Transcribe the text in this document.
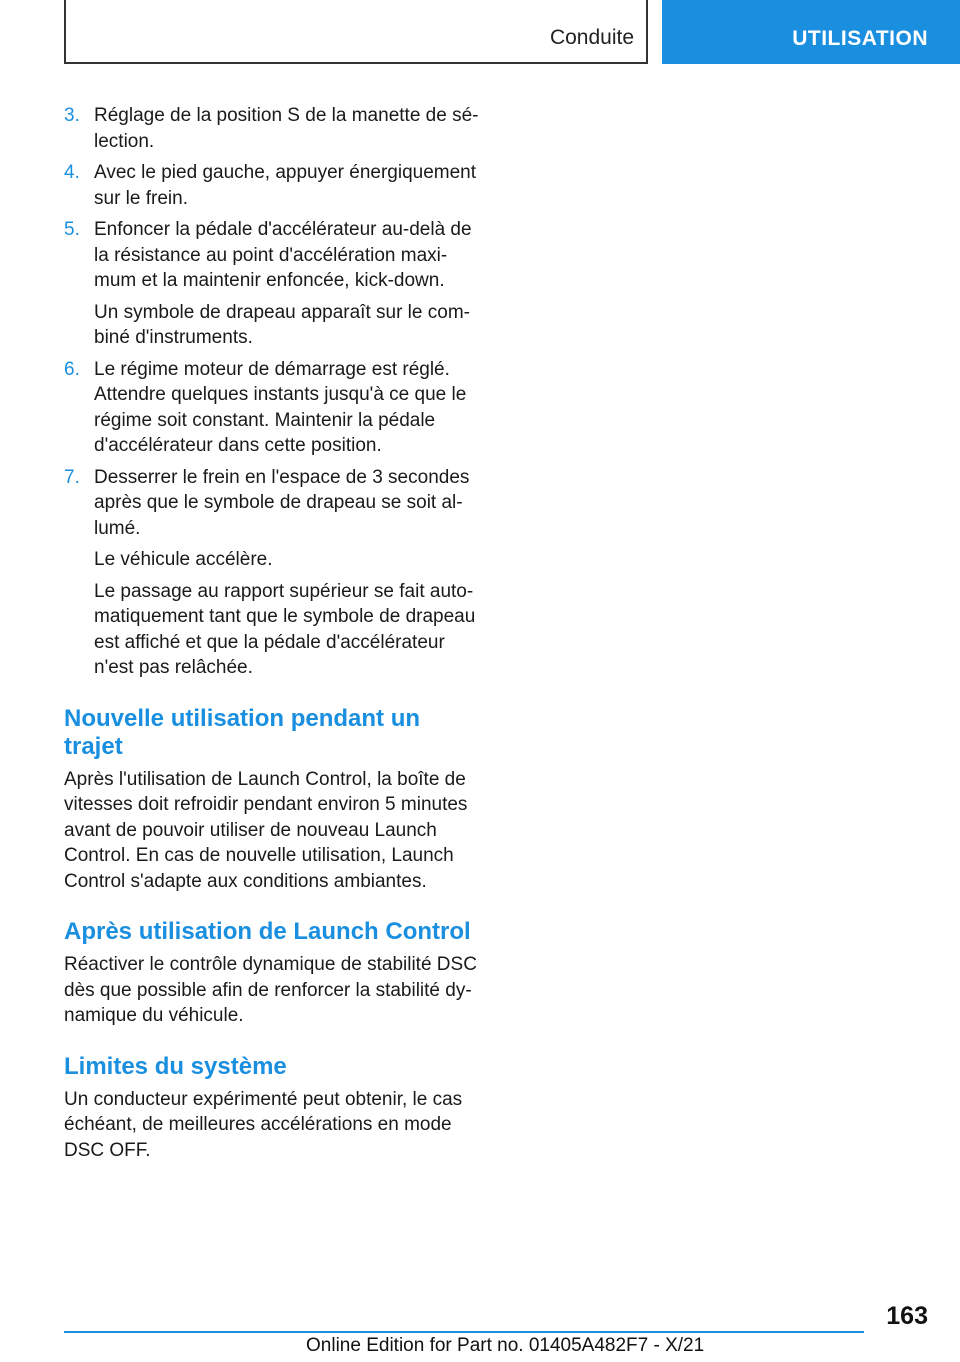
Conduite	UTILISATION
3. Réglage de la position S de la manette de sélection.
4. Avec le pied gauche, appuyer énergiquement sur le frein.
5. Enfoncer la pédale d'accélérateur au-delà de la résistance au point d'accélération maximum et la maintenir enfoncée, kick-down.
Un symbole de drapeau apparaît sur le combiné d'instruments.
6. Le régime moteur de démarrage est réglé. Attendre quelques instants jusqu'à ce que le régime soit constant. Maintenir la pédale d'accélérateur dans cette position.
7. Desserrer le frein en l'espace de 3 secondes après que le symbole de drapeau se soit allumé.
Le véhicule accélère.
Le passage au rapport supérieur se fait automatiquement tant que le symbole de drapeau est affiché et que la pédale d'accélérateur n'est pas relâchée.
Nouvelle utilisation pendant un trajet

Après l'utilisation de Launch Control, la boîte de vitesses doit refroidir pendant environ 5 minutes avant de pouvoir utiliser de nouveau Launch Control. En cas de nouvelle utilisation, Launch Control s'adapte aux conditions ambiantes.

Après utilisation de Launch Control

Réactiver le contrôle dynamique de stabilité DSC dès que possible afin de renforcer la stabilité dynamique du véhicule.

Limites du système

Un conducteur expérimenté peut obtenir, le cas échéant, de meilleures accélérations en mode DSC OFF.

163
Online Edition for Part no. 01405A482F7 - X/21
